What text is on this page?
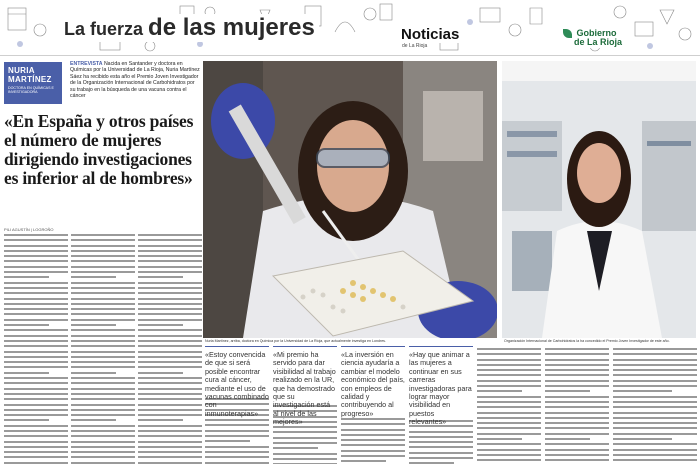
La fuerza de las mujeres	Noticias
de La Rioja
Gobierno
de La Rioja
NURIA
MARTÍNEZ
DOCTORA EN QUÍMICAS E INVESTIGADORA
ENTREVISTA Nacida en Santander y doctora en Químicas por la Universidad de La Rioja, Nuria Martínez Sáez ha recibido esta año el Premio Joven Investigador de la Organización Internacional de Carbohidratos por su trabajo en la búsqueda de una vacuna contra el cáncer
«En España y otros países el número de mujeres dirigiendo investigaciones es inferior al de hombres»
PILI AGUSTÍN | LOGROÑO
Nuria Martínez, arriba, doctora en Química por la Universidad de La Rioja, que actualmente investiga en Londres.	Organización Internacional de Carbohidratos la ha concedido el Premio Joven Investigador de este año.
«Estoy convencida de que si será posible encontrar cura al cáncer, mediante el uso de vacunas combinado con inmunoterapias»
«Mi premio ha servido para dar visibilidad al trabajo realizado en la UR, que ha demostrado que su investigación está al nivel de las mejores»
«La inversión en ciencia ayudaría a cambiar el modelo económico del país, con empleos de calidad y contribuyendo al progreso»
«Hay que animar a las mujeres a continuar en sus carreras investigadoras para lograr mayor visibilidad en puestos relevantes»
